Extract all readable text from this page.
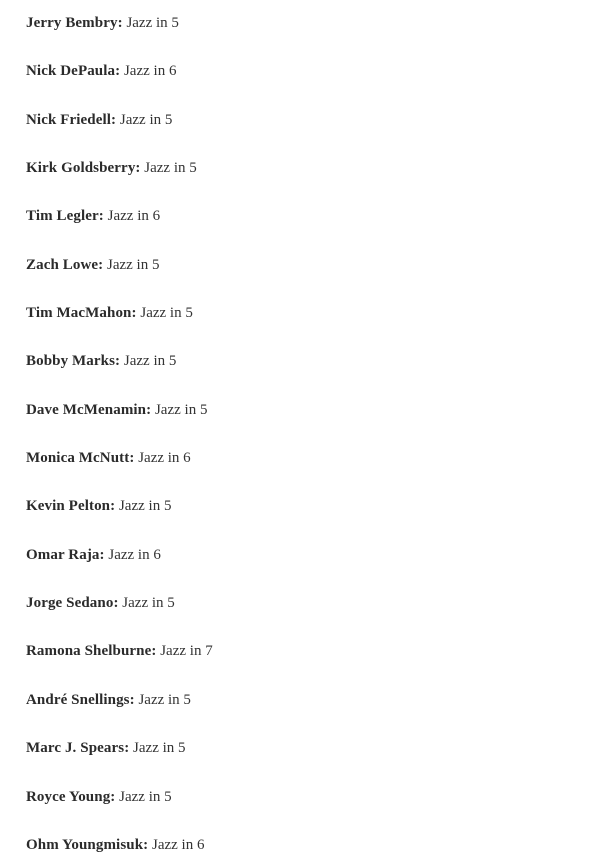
Jerry Bembry: Jazz in 5

Nick DePaula: Jazz in 6

Nick Friedell: Jazz in 5

Kirk Goldsberry: Jazz in 5

Tim Legler: Jazz in 6

Zach Lowe: Jazz in 5

Tim MacMahon: Jazz in 5

Bobby Marks: Jazz in 5

Dave McMenamin: Jazz in 5

Monica McNutt: Jazz in 6

Kevin Pelton: Jazz in 5

Omar Raja: Jazz in 6

Jorge Sedano: Jazz in 5

Ramona Shelburne: Jazz in 7

André Snellings: Jazz in 5

Marc J. Spears: Jazz in 5

Royce Young: Jazz in 5

Ohm Youngmisuk: Jazz in 6
